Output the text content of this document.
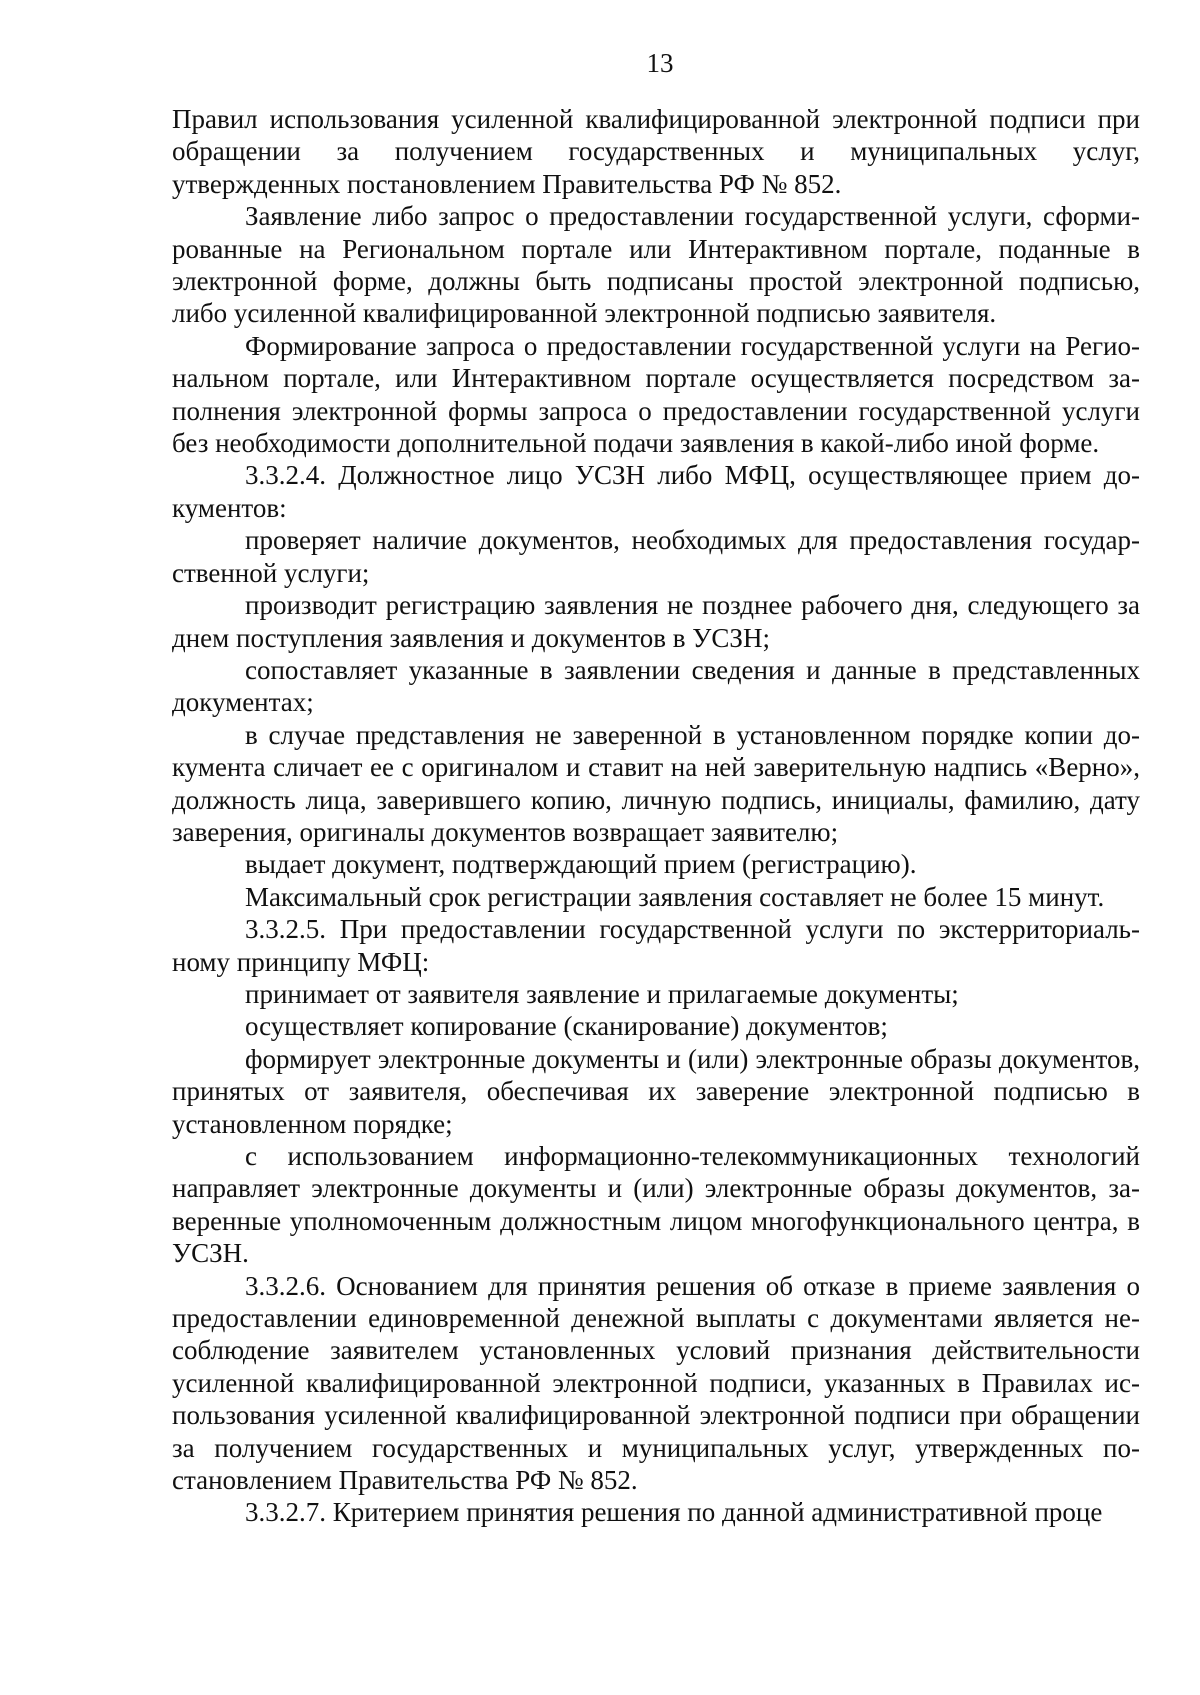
13

Правил использования усиленной квалифицированной электронной подписи при обращении за получением государственных и муниципальных услуг, утвержденных постановлением Правительства РФ № 852.

Заявление либо запрос о предоставлении государственной услуги, сформированные на Региональном портале или Интерактивном портале, поданные в электронной форме, должны быть подписаны простой электронной подписью, либо усиленной квалифицированной электронной подписью заявителя.

Формирование запроса о предоставлении государственной услуги на Региональном портале, или Интерактивном портале осуществляется посредством заполнения электронной формы запроса о предоставлении государственной услуги без необходимости дополнительной подачи заявления в какой-либо иной форме.

3.3.2.4. Должностное лицо УСЗН либо МФЦ, осуществляющее прием документов:

проверяет наличие документов, необходимых для предоставления государственной услуги;

производит регистрацию заявления не позднее рабочего дня, следующего за днем поступления заявления и документов в УСЗН;

сопоставляет указанные в заявлении сведения и данные в представленных документах;

в случае представления не заверенной в установленном порядке копии документа сличает ее с оригиналом и ставит на ней заверительную надпись «Верно», должность лица, заверившего копию, личную подпись, инициалы, фамилию, дату заверения, оригиналы документов возвращает заявителю;

выдает документ, подтверждающий прием (регистрацию).

Максимальный срок регистрации заявления составляет не более 15 минут.

3.3.2.5. При предоставлении государственной услуги по экстерриториальному принципу МФЦ:

принимает от заявителя заявление и прилагаемые документы;

осуществляет копирование (сканирование) документов;

формирует электронные документы и (или) электронные образы документов, принятых от заявителя, обеспечивая их заверение электронной подписью в установленном порядке;

с использованием информационно-телекоммуникационных технологий направляет электронные документы и (или) электронные образы документов, заверенные уполномоченным должностным лицом многофункционального центра, в УСЗН.

3.3.2.6. Основанием для принятия решения об отказе в приеме заявления о предоставлении единовременной денежной выплаты с документами является несоблюдение заявителем установленных условий признания действительности усиленной квалифицированной электронной подписи, указанных в Правилах использования усиленной квалифицированной электронной подписи при обращении за получением государственных и муниципальных услуг, утвержденных постановлением Правительства РФ № 852.

3.3.2.7. Критерием принятия решения по данной административной проце
